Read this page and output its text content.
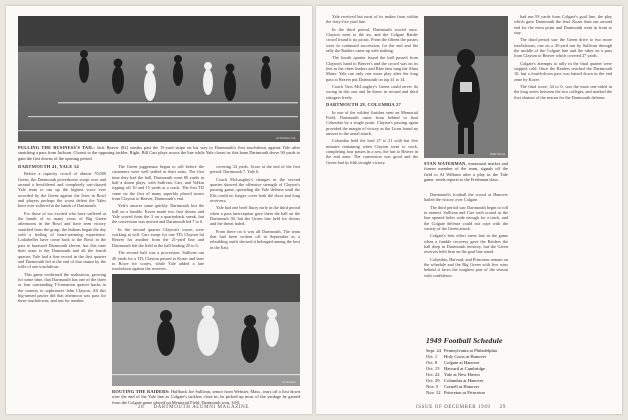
Al Sheldon Col.
PULLING THE BUSINESS'S TAIL: Jack Beaver (82) streaks past the 15-yard stripe on his way to Dartmouth's first touchdown against Yale after snatching a pass from Jackson. Closest to the opposing tackler, Right, Bill Carr plays across the line while Yale closes in; this bone Dartmouth drove 94 yards to gain the first downs of the opening period.

DARTMOUTH 41, YALE 14

Before a capacity crowd of almost 70,000 Green, the Dartmouth powerhouse swept over and around a bewildered and completely out-classed Yale team to run up the highest score ever recorded by the Green against the Ivies in Bowl and players perhaps the worst defeat the Yales have ever suffered at the hands of Dartmouth.

For those of too excited who have suffered at the hands of so many years of Big Green afternoons in the Bowl and have seen victory snatched from the grasp, the Indians began the day with a feeling of heart-warming experience. Lodarbelles have come back to the Bowl in the past to harassed Dartmouth eleven, but this time their team is the Dartmouth and all the fourth quarter. Yale had a fine record in the first quarter and Dartmouth led at the end of that stanza by the trifle of one touchdown.

This game confirmed the realization, growing for some time, that Dartmouth has one of the three or four outstanding T-formation quarter backs in the country to sophomore John Clayton. All this big-armed passer did that afternoon was pass for three touchdowns, and run for another.

The Green juggernaut began to roll before the customers were well settled in their seats. The first time they had the ball, Dartmouth went 86 yards in half a dozen plays, with Sullivan, Carr, and Volkin ripping off 10 and 15 yards at a crack. The first TD came on the first of many superbly placed tosses from Clayton to Beaver, Dartmouth's end.

Yale's answer came quickly. Dartmouth lost the ball on a fumble. Kozer made two first downs and Yale scored from the 3 on a quarterback sneak, but the conversion was missed and Dartmouth led 7 to 6.

In the second quarter Clayton's tosses were working at will. Carr swept for one TD; Clayton hit Beaver for another from the 21-yard line and Dartmouth left the field at the half leading 20 to 6.

The second half was a procession. Sullivan ran 40 yards for a TD; Clayton passed to Kozer and later to Rowe for scores, while Yale added a late touchdown against the reserves.

covering 34 yards. Score at the end of the first period: Dartmouth 7, Yale 6.

Coach McLaughry's changes in the second quarter showed the offensive strength of Clayton's passing game, spreading the Yale defense until the Elis could no longer cover both the short and long receivers.

Yale had one brief flurry early in the third period when a pass interception gave them the ball on the Dartmouth 30, but the Green line held for downs and the threat faded.

From there on it was all Dartmouth. The team that had been written off in September as a rebuilding outfit showed it belonged among the best in the East.

Al Sheldon
ROUTING THE RAIDERS: Halfback Joe Sullivan, senior from Webster, Mass., tears off a first down over the end of the Yale line as Colgate's tacklers close in; he picked up most of the yardage he gained from the Colgate game played on Memorial Field, Dartmouth won, 34-0.
28 DARTMOUTH ALUMNI MAGAZINE

Yale received but most of its makes from within the forty-five yard line.

In the third period, Dartmouth scored once. Clayton went to the air, and the Colgate Raider crowd found it no picnic. From the fifteen the passes were in continued succession; for the end and the rally the Raiders came up with nothing.

The fourth quarter found the ball passed from Clayton's hand to Beaver's and the crowd was on its feet as the cheer leaders and Blue fans sang the Alma Mater. Yale ran only one more play after the long pass to Beaver put Dartmouth on top 41 to 14.

Coach Tuss McLaughry's Green could never do wrong in this one and he threw in second and third stringers freely.

DARTMOUTH 28, COLUMBIA 27

In one of the wildest finishes seen on Memorial Field, Dartmouth came from behind to beat Columbia by a single point. Clayton's passing again provided the margin of victory as the Lions found no answer to the aerial attack.

Columbia held the lead 27 to 21 with but five minutes remaining when Clayton went to work, completing four passes in a row, the last to Beaver in the end zone. The conversion was good and the Green had its fifth straight victory.

Wide World
STAN WATERMAN, intramural marker and former member of the team, signals off the field to Al Wilburn after a play in the Yale game, sends reports to the Freshman class.

Dartmouth's football the crowd at Hanover hailed the victory over Colgate.

The third period saw Dartmouth begin to roll in earnest. Sullivan and Carr each scored as the line opened holes wide enough for a truck, and the Colgate defense could not cope with the variety of the Green attack.

Colgate's best effort came late in the game when a fumble recovery gave the Raiders the ball deep in Dartmouth territory, but the Green reserves held firm on the goal line stand.

Columbia, Harvard, and Princeton remain on the schedule and the Big Green with five wins behind it faces the toughest part of the season with confidence.

had run 93 yards from Colgate's goal line, the play which gave Dartmouth the lead. Kozer then ran around end for the extra point and Dartmouth went in front to stay.

The third period saw the Green drive to two more touchdowns, one on a 45-yard run by Sullivan through the middle of the Colgate line and the other on a pass from Clayton to Beaver which covered 27 yards.

Colgate's attempts to rally in the final quarter were stopped cold. Once the Raiders reached the Dartmouth 10, but a fourth-down pass was batted down in the end zone by Kozer.

The final score, 34 to 0, was the most one-sided in the long series between the two colleges, and marked the first shutout of the season for the Dartmouth defense.

1949 Football Schedule
Sept. 24 Pennsylvania at Philadelphia
Oct. 1	Holy Cross at Hanover
Oct. 8	Colgate at Hanover
Oct. 15 Harvard at Cambridge
Oct. 22 Yale at New Haven
Oct. 29 Columbia at Hanover
Nov. 5	Cornell at Hanover
Nov. 12 Princeton at Princeton
ISSUE OF DECEMBER 1949 29
